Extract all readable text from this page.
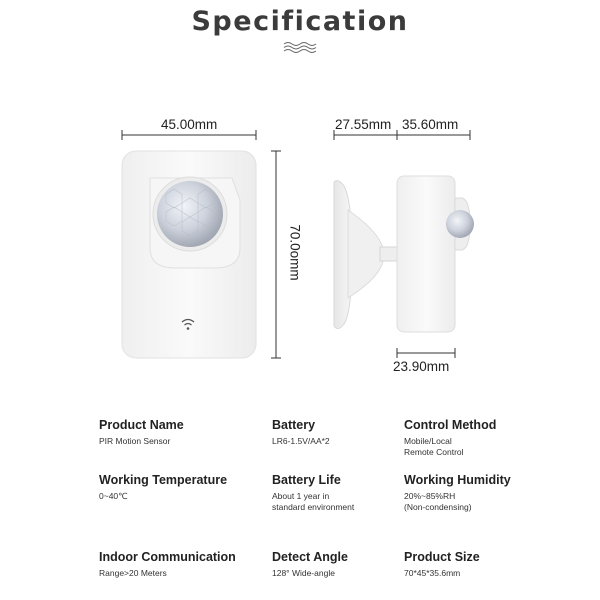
Specification
45.00mm
70.0omm
27.55mm 35.60mm
23.90mm
Product Name
PIR Motion Sensor
Battery
LR6-1.5V/AA*2
Control Method
Mobile/Local
Remote Control
Working Temperature
0~40℃
Battery Life
About 1 year in
standard environment
Working Humidity
20%~85%RH
(Non-condensing)
Indoor Communication
Range>20 Meters
Detect Angle
128° Wide-angle
Product Size
70*45*35.6mm
